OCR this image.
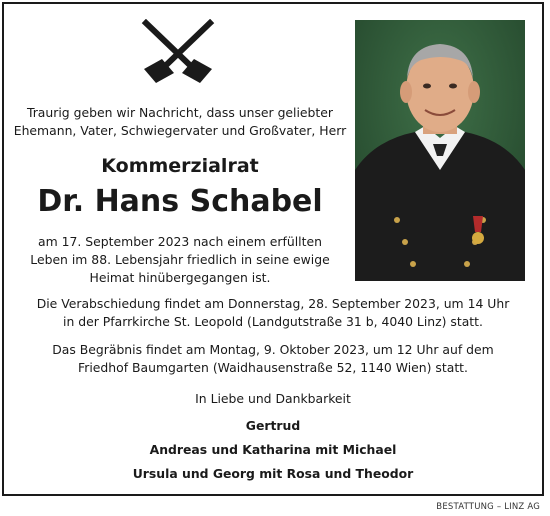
Traurig geben wir Nachricht, dass unser geliebter
Ehemann, Vater, Schwiegervater und Großvater, Herr
Kommerzialrat
Dr. Hans Schabel
am 17. September 2023 nach einem erfüllten
Leben im 88. Lebensjahr friedlich in seine ewige
Heimat hinübergegangen ist.
Die Verabschiedung findet am Donnerstag, 28. September 2023, um 14 Uhr
in der Pfarrkirche St. Leopold (Landgutstraße 31 b, 4040 Linz) statt.
Das Begräbnis findet am Montag, 9. Oktober 2023, um 12 Uhr auf dem
Friedhof Baumgarten (Waidhausenstraße 52, 1140 Wien) statt.
In Liebe und Dankbarkeit
Gertrud
Andreas und Katharina mit Michael
Ursula und Georg mit Rosa und Theodor
BESTATTUNG – LINZ AG
